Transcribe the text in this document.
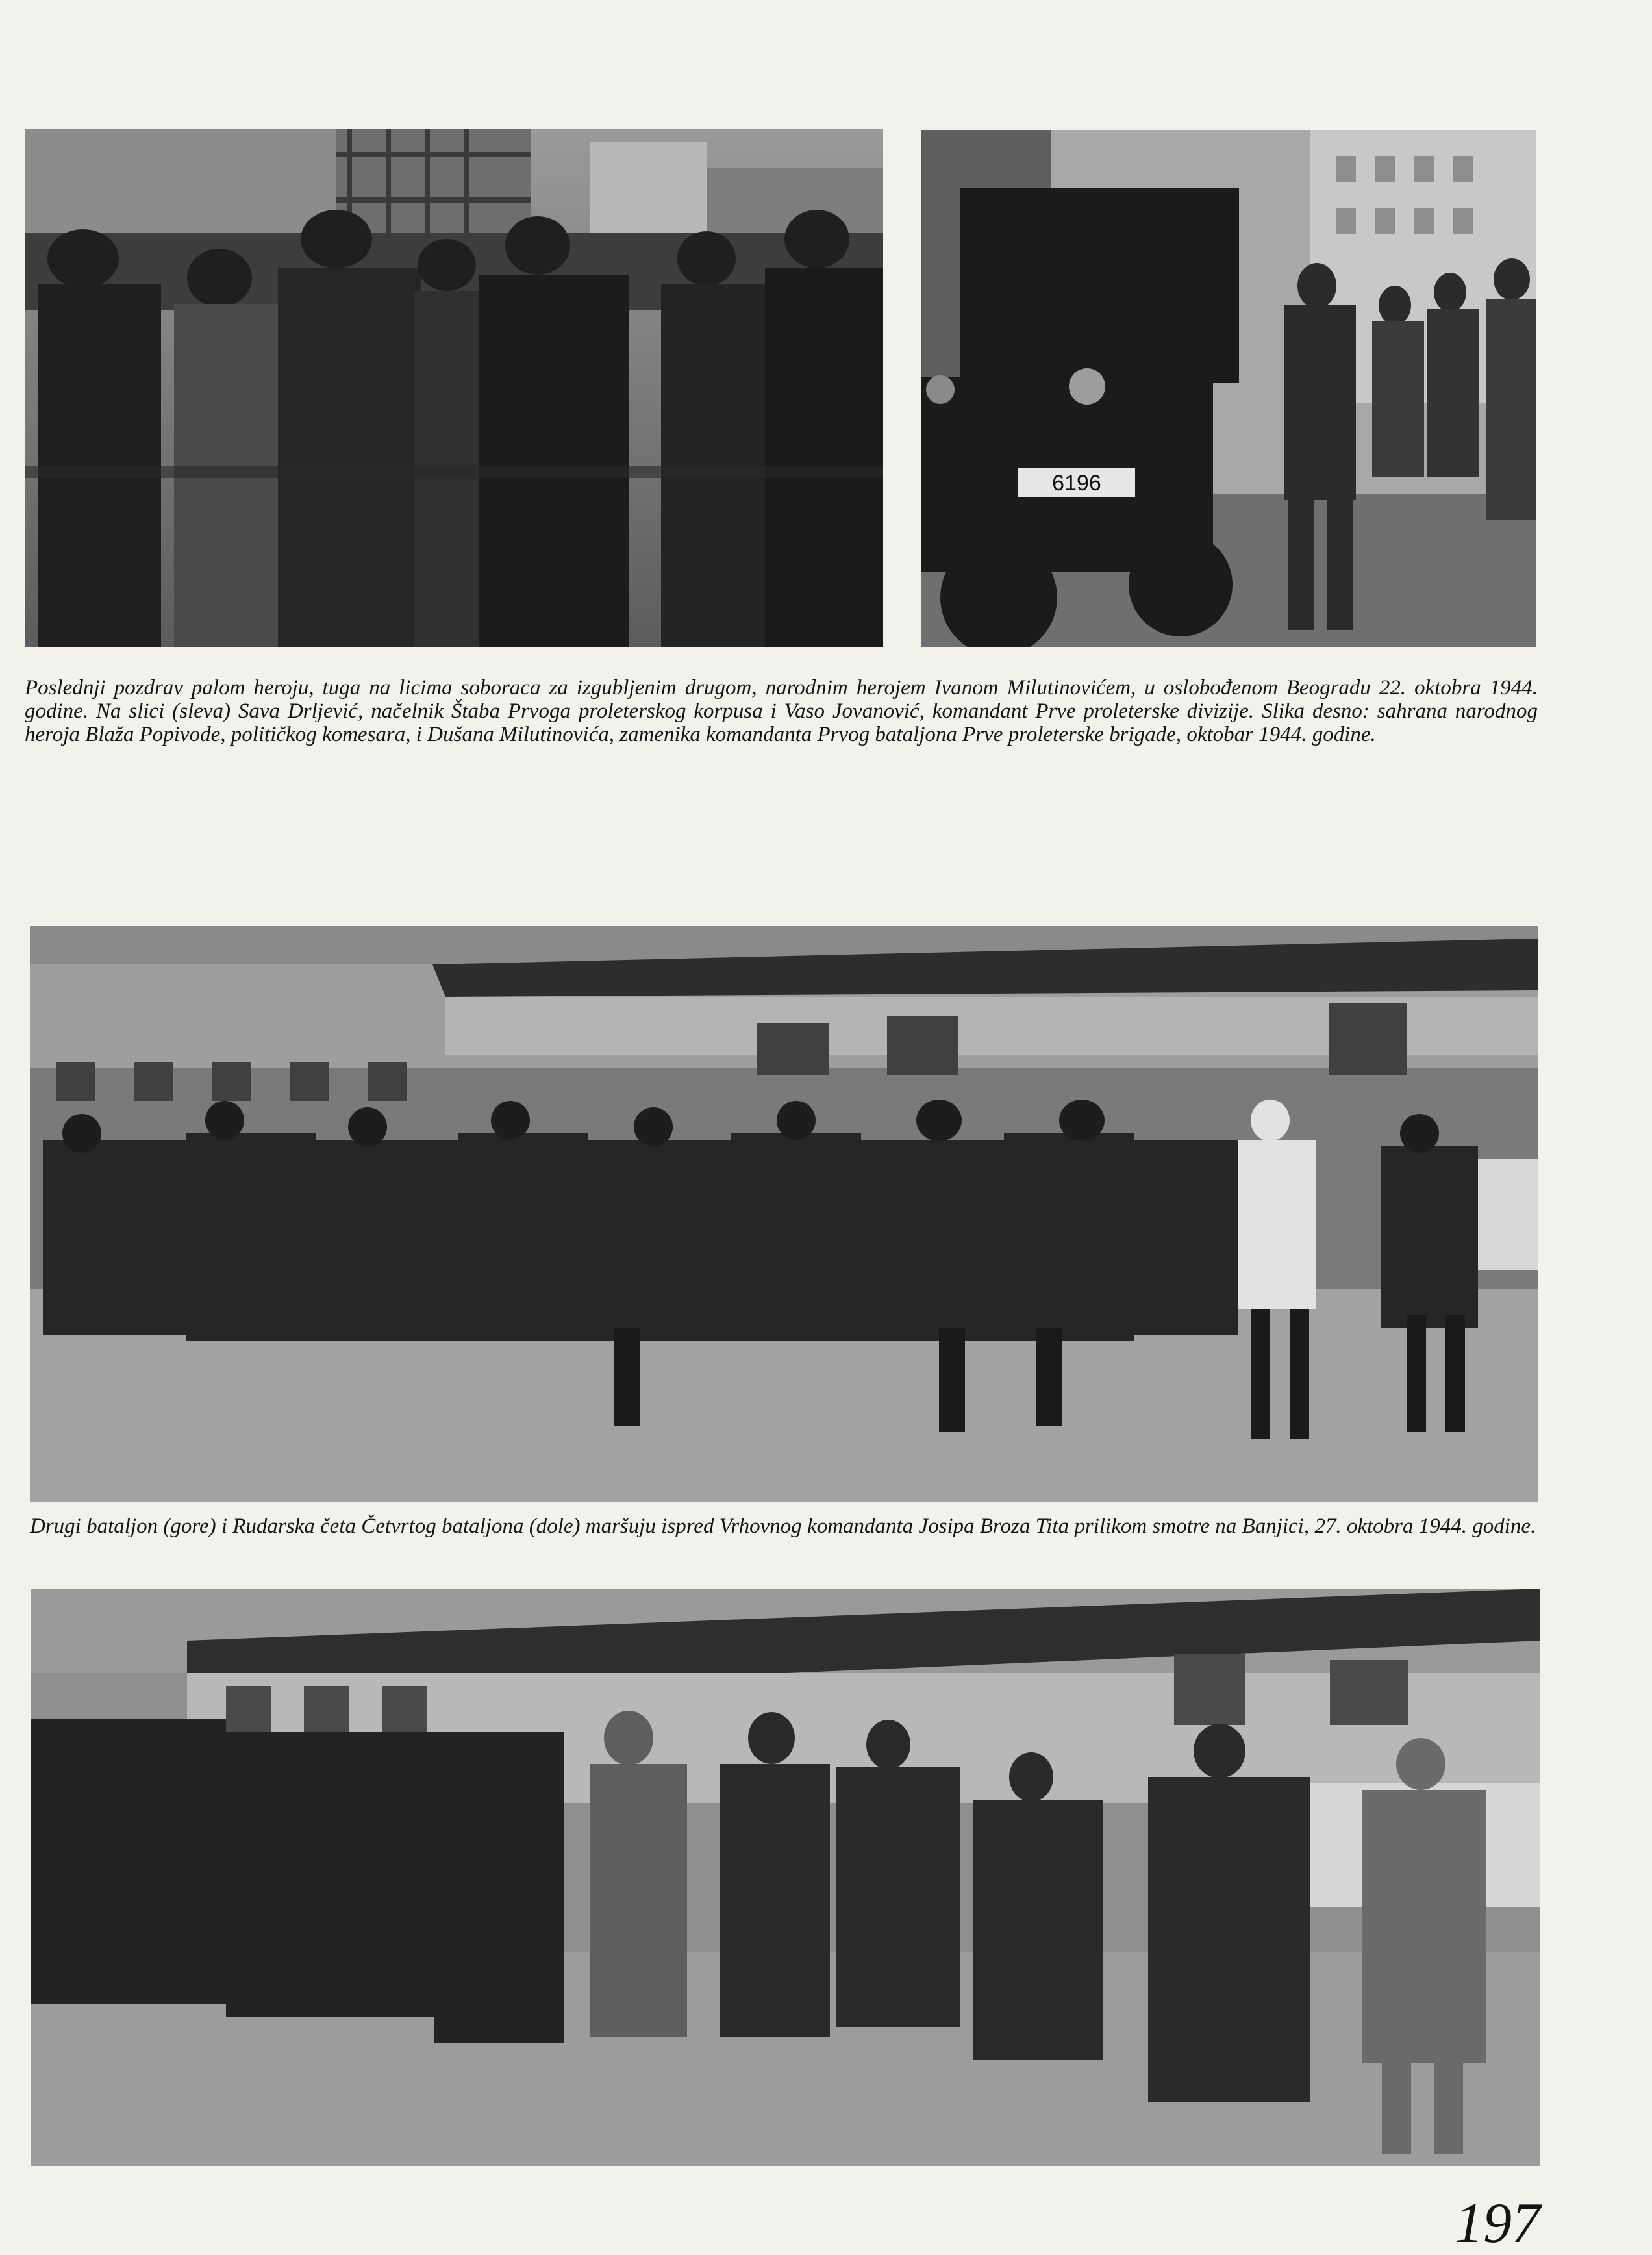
6196

Poslednji pozdrav palom heroju, tuga na licima soboraca za izgubljenim drugom, narodnim herojem Ivanom Milutinovićem, u oslobođenom Beogradu 22. oktobra 1944. godine. Na slici (sleva) Sava Drljević, načelnik Štaba Prvoga proleterskog korpusa i Vaso Jovanović, komandant Prve proleterske divizije. Slika desno: sahrana narodnog heroja Blaža Popivode, političkog komesara, i Dušana Milutinovića, zamenika komandanta Prvog bataljona Prve proleterske brigade, oktobar 1944. godine.

Drugi bataljon (gore) i Rudarska četa Četvrtog bataljona (dole) maršuju ispred Vrhovnog komandanta Josipa Broza Tita prilikom smotre na Banjici, 27. oktobra 1944. godine.

197
